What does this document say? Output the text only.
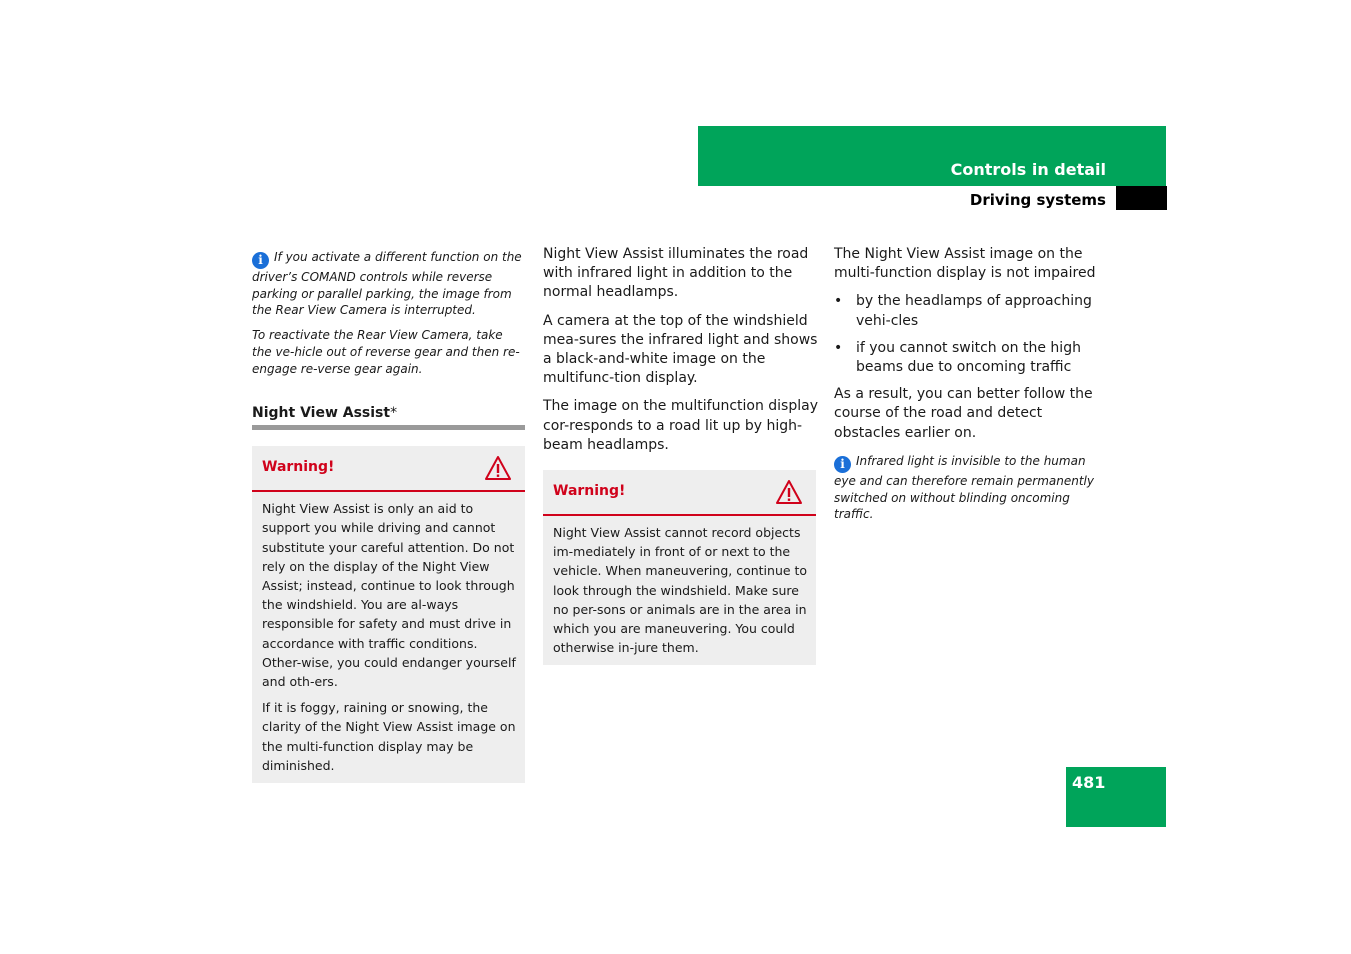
Controls in detail
Driving systems

i If you activate a different function on the driver’s COMAND controls while reverse parking or parallel parking, the image from the Rear View Camera is interrupted.

To reactivate the Rear View Camera, take the ve-hicle out of reverse gear and then re-engage re-verse gear again.

Night View Assist*

Warning!

Night View Assist is only an aid to support you while driving and cannot substitute your careful attention. Do not rely on the display of the Night View Assist; instead, continue to look through the windshield. You are al-ways responsible for safety and must drive in accordance with traffic conditions. Other-wise, you could endanger yourself and oth-ers.

If it is foggy, raining or snowing, the clarity of the Night View Assist image on the multi-function display may be diminished.

Night View Assist illuminates the road with infrared light in addition to the normal headlamps.

A camera at the top of the windshield mea-sures the infrared light and shows a black-and-white image on the multifunc-tion display.

The image on the multifunction display cor-responds to a road lit up by high-beam headlamps.

Warning!

Night View Assist cannot record objects im-mediately in front of or next to the vehicle. When maneuvering, continue to look through the windshield. Make sure no per-sons or animals are in the area in which you are maneuvering. You could otherwise in-jure them.

The Night View Assist image on the multi-function display is not impaired

• by the headlamps of approaching vehi-cles
• if you cannot switch on the high beams due to oncoming traffic

As a result, you can better follow the course of the road and detect obstacles earlier on.

i Infrared light is invisible to the human eye and can therefore remain permanently switched on without blinding oncoming traffic.

481
